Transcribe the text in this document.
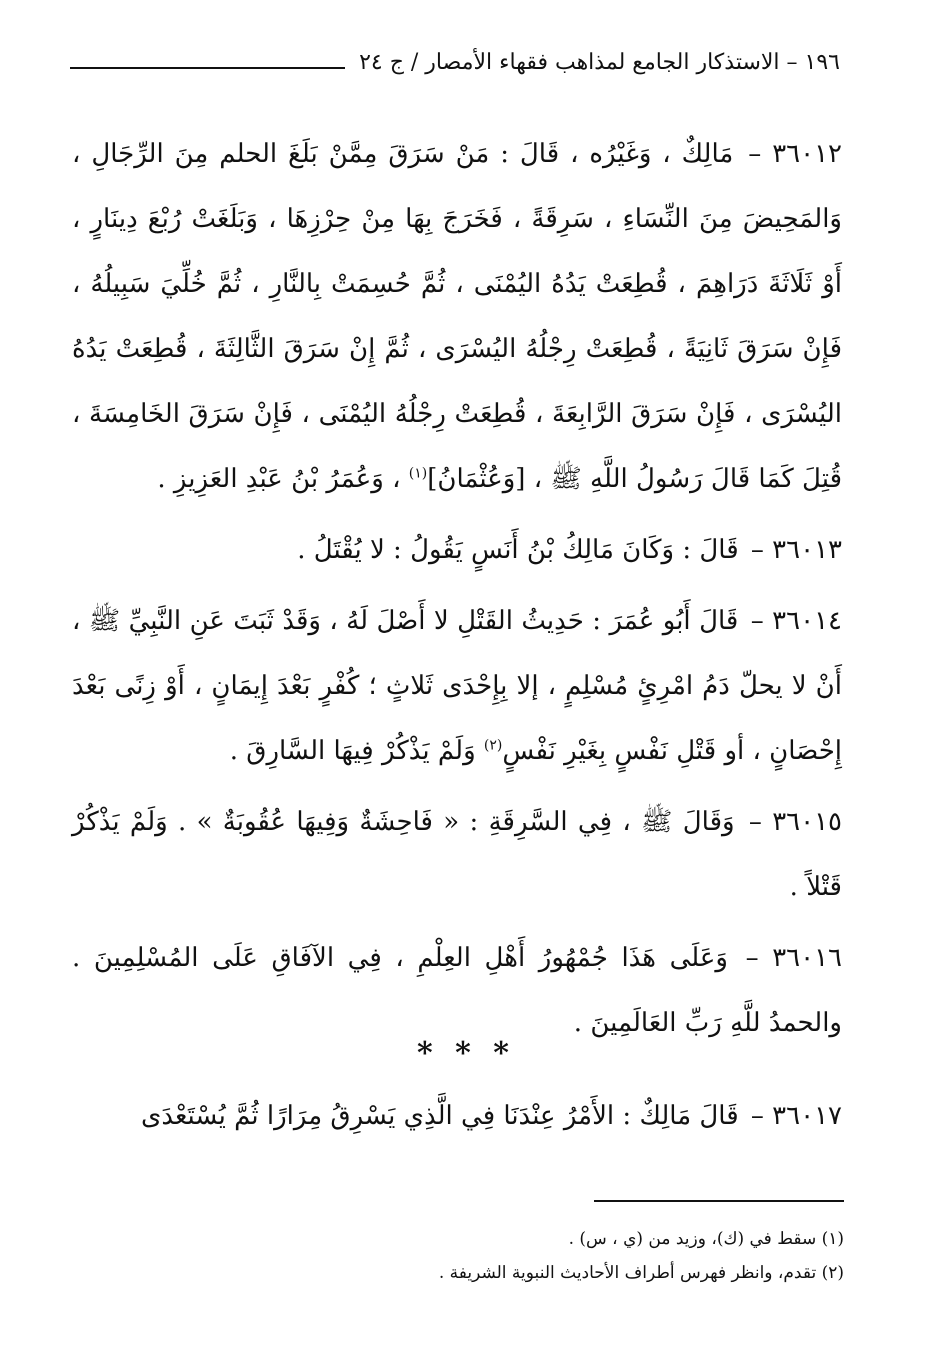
١٩٦ – الاستذكار الجامع لمذاهب فقهاء الأمصار / ج ٢٤

٣٦٠١٢ – مَالِكٌ ، وَغَيْرُه ، قَالَ : مَنْ سَرَقَ مِمَّنْ بَلَغَ الحلم مِنَ الرِّجَالِ ، وَالمَحِيضَ مِنَ النِّسَاءِ ، سَرِقَةً ، فَخَرَجَ بِهَا مِنْ حِرْزِهَا ، وَبَلَغَتْ رُبْعَ دِينَارٍ ، أَوْ ثَلَاثَةَ دَرَاهِمَ ، قُطِعَتْ يَدُهُ اليُمْنَى ، ثُمَّ حُسِمَتْ بِالنَّارِ ، ثُمَّ خُلِّيَ سَبِيلُهُ ، فَإِنْ سَرَقَ ثَانِيَةً ، قُطِعَتْ رِجْلُهُ اليُسْرَى ، ثُمَّ إِنْ سَرَقَ الثَّالِثَةَ ، قُطِعَتْ يَدُهُ اليُسْرَى ، فَإِنْ سَرَقَ الرَّابِعَةَ ، قُطِعَتْ رِجْلُهُ اليُمْنَى ، فَإِنْ سَرَقَ الخَامِسَةَ ، قُتِلَ كَمَا قَالَ رَسُولُ اللَّهِ ﷺ ، [وَعُثْمَانُ]$^{(١)}$ ، وَعُمَرُ بْنُ عَبْدِ العَزِيزِ .

٣٦٠١٣ – قَالَ : وَكَانَ مَالِكُ بْنُ أَنَسٍ يَقُولُ : لا يُقْتَلُ .

٣٦٠١٤ – قَالَ أَبُو عُمَرَ : حَدِيثُ القَتْلِ لا أَصْلَ لَهُ ، وَقَدْ ثَبَتَ عَنِ النَّبِيِّ ﷺ ، أَنْ لا يحلّ دَمُ امْرِئٍ مُسْلِمٍ ، إلا بِإِحْدَى ثَلاثٍ ؛ كُفْرٍ بَعْدَ إِيمَانٍ ، أَوْ زِنًى بَعْدَ إِحْصَانٍ ، أو قَتْلِ نَفْسٍ بِغَيْرِ نَفْسٍ$^{(٢)}$ وَلَمْ يَذْكُرْ فِيهَا السَّارِقَ .

٣٦٠١٥ – وَقَالَ ﷺ ، فِي السَّرِقَةِ : « فَاحِشَةٌ وَفِيهَا عُقُوبَةٌ » . وَلَمْ يَذْكُرْ قَتْلاً .

٣٦٠١٦ – وَعَلَى هَذَا جُمْهُورُ أَهْلِ العِلْمِ ، فِي الآفَاقِ عَلَى المُسْلِمِينَ . والحمدُ للَّهِ رَبِّ العَالَمِينَ .

* * *
٣٦٠١٧ – قَالَ مَالِكٌ : الأَمْرُ عِنْدَنَا فِي الَّذِي يَسْرِقُ مِرَارًا ثُمَّ يُسْتَعْدَى

(١) سقط في (ك)، وزيد من (ي ، س) .

(٢) تقدم، وانظر فهرس أطراف الأحاديث النبوية الشريفة .
